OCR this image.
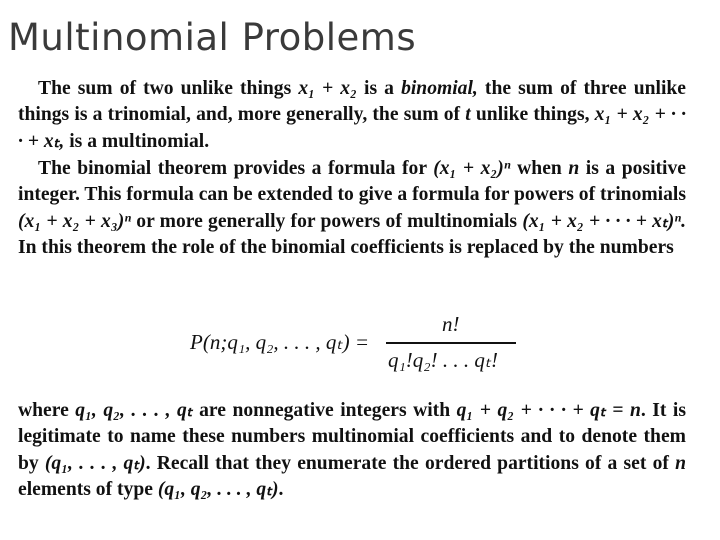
Multinomial Problems
The sum of two unlike things x₁ + x₂ is a binomial, the sum of three unlike things is a trinomial, and, more generally, the sum of t unlike things, x₁ + x₂ + · · · + xₜ, is a multinomial.
The binomial theorem provides a formula for (x₁ + x₂)ⁿ when n is a positive integer. This formula can be extended to give a formula for powers of trinomials (x₁ + x₂ + x₃)ⁿ or more generally for powers of multinomials (x₁ + x₂ + · · · + xₜ)ⁿ. In this theorem the role of the binomial coefficients is replaced by the numbers
P(n;q₁, q₂, . . . , qₜ) =
n!
q₁!q₂! . . . qₜ!
where q₁, q₂, . . . , qₜ are nonnegative integers with q₁ + q₂ + · · · + qₜ = n. It is legitimate to name these numbers multinomial coefficients and to denote them by (q₁, . . . , qₜ). Recall that they enumerate the ordered partitions of a set of n elements of type (q₁, q₂, . . . , qₜ).
